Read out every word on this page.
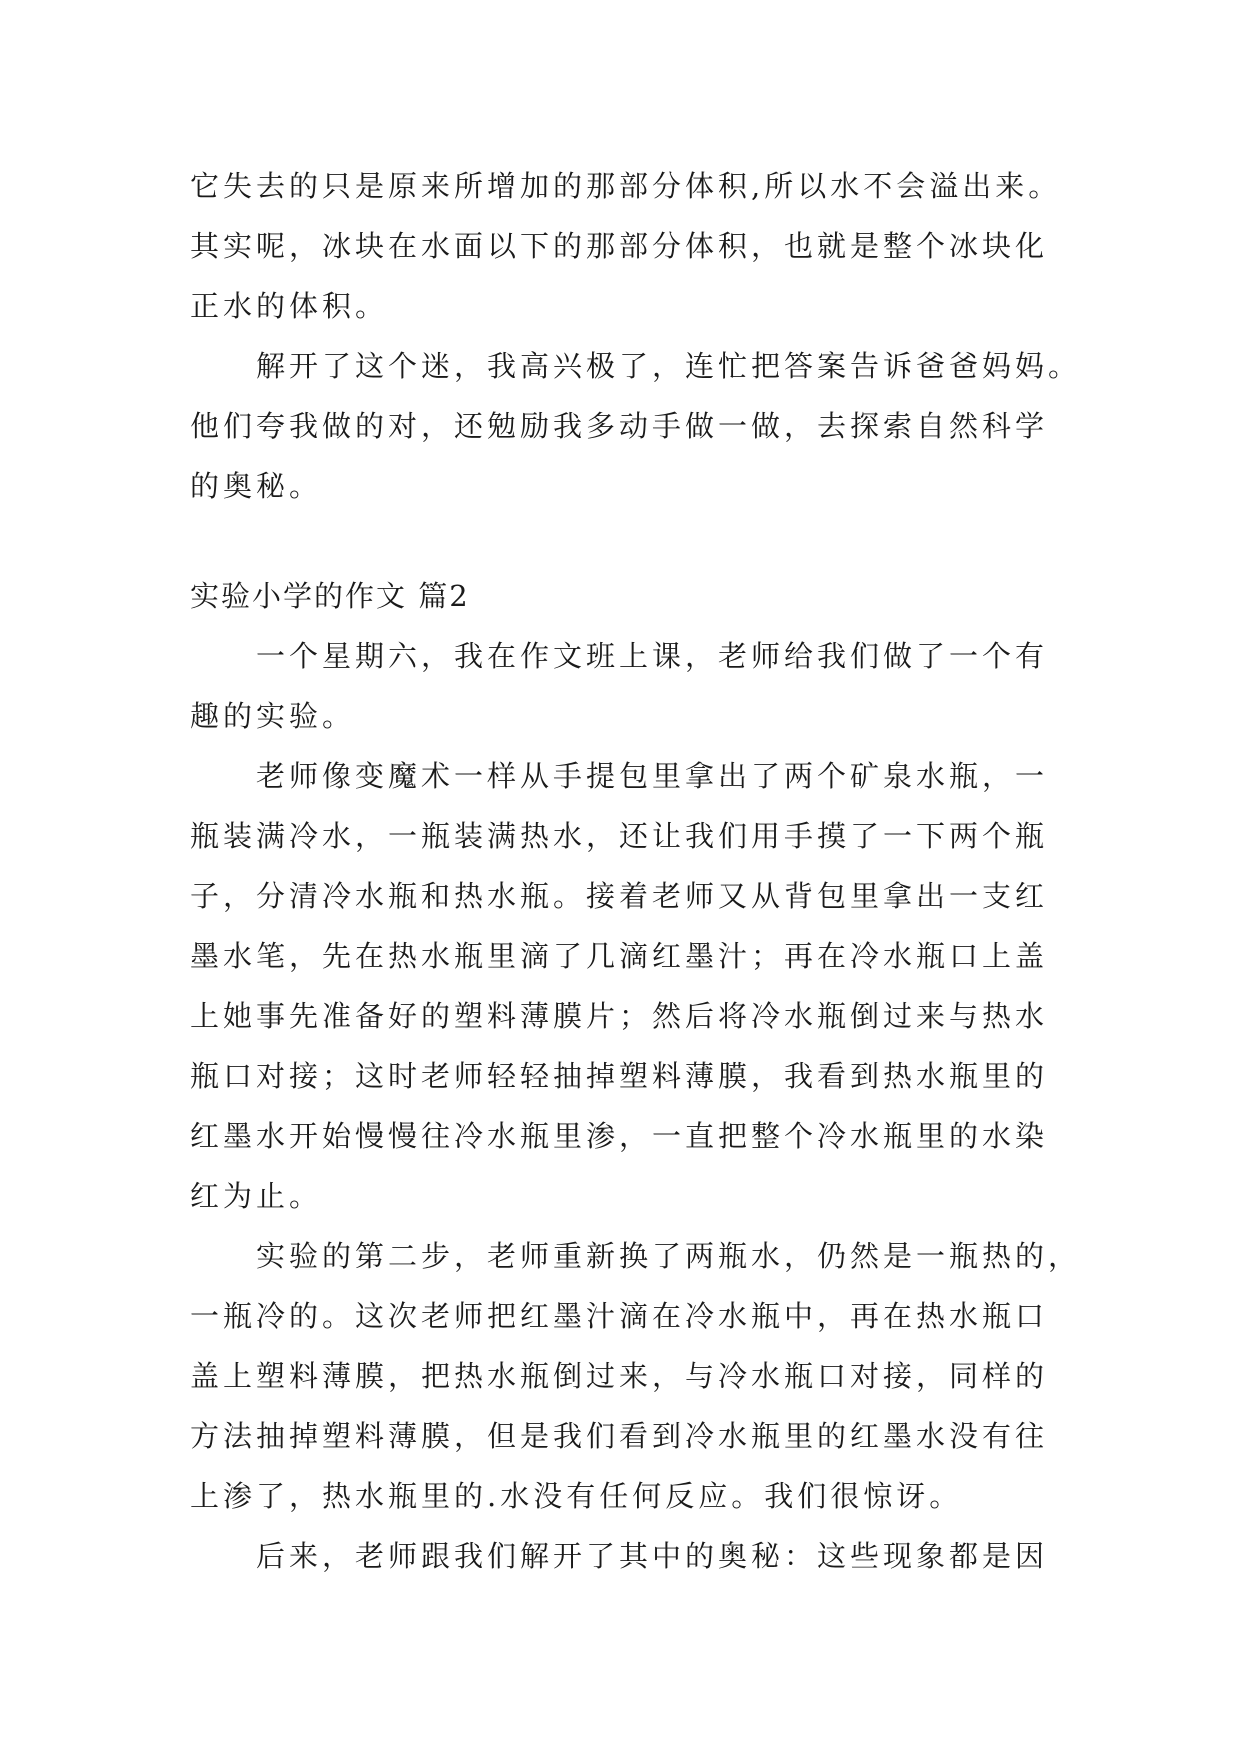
它失去的只是原来所增加的那部分体积,所以水不会溢出来。
其实呢，冰块在水面以下的那部分体积，也就是整个冰块化
正水的体积。
解开了这个迷，我高兴极了，连忙把答案告诉爸爸妈妈。
他们夸我做的对，还勉励我多动手做一做，去探索自然科学
的奥秘。
实验小学的作文 篇2
一个星期六，我在作文班上课，老师给我们做了一个有
趣的实验。
老师像变魔术一样从手提包里拿出了两个矿泉水瓶，一
瓶装满冷水，一瓶装满热水，还让我们用手摸了一下两个瓶
子，分清冷水瓶和热水瓶。接着老师又从背包里拿出一支红
墨水笔，先在热水瓶里滴了几滴红墨汁；再在冷水瓶口上盖
上她事先准备好的塑料薄膜片；然后将冷水瓶倒过来与热水
瓶口对接；这时老师轻轻抽掉塑料薄膜，我看到热水瓶里的
红墨水开始慢慢往冷水瓶里渗，一直把整个冷水瓶里的水染
红为止。
实验的第二步，老师重新换了两瓶水，仍然是一瓶热的，
一瓶冷的。这次老师把红墨汁滴在冷水瓶中，再在热水瓶口
盖上塑料薄膜，把热水瓶倒过来，与冷水瓶口对接，同样的
方法抽掉塑料薄膜，但是我们看到冷水瓶里的红墨水没有往
上渗了，热水瓶里的.水没有任何反应。我们很惊讶。
后来，老师跟我们解开了其中的奥秘：这些现象都是因
